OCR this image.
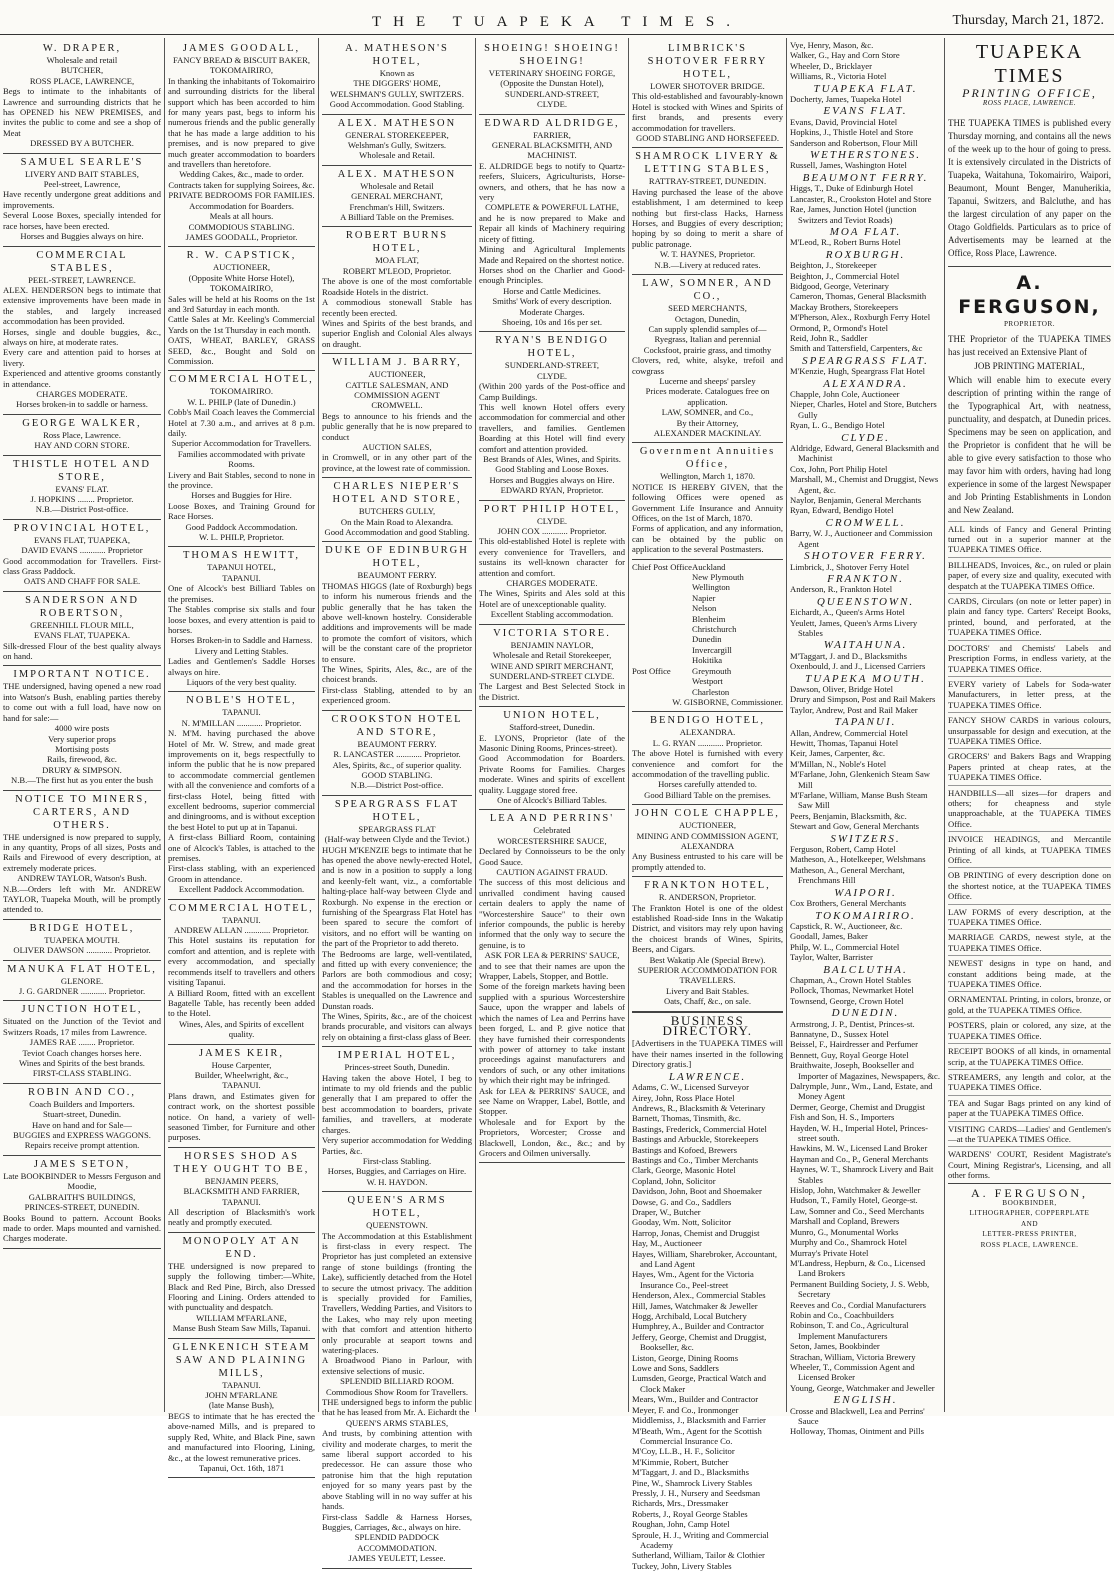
THE TUAPEKA TIMES.	Thursday, March 21, 1872.
W. DRAPER,

Wholesale and retail

BUTCHER,

ROSS PLACE, LAWRENCE,

Begs to intimate to the inhabitants of Lawrence and surrounding districts that he has OPENED his NEW PREMISES, and invites the public to come and see a shop of Meat

DRESSED BY A BUTCHER.

SAMUEL SEARLE'S

LIVERY AND BAIT STABLES,

Peel-street, Lawrence,

Have recently undergone great additions and improvements.

Several Loose Boxes, specially intended for race horses, have been erected.

Horses and Buggies always on hire.

COMMERCIAL STABLES,

PEEL-STREET, LAWRENCE.

ALEX. HENDERSON begs to intimate that extensive improvements have been made in the stables, and largely increased accommodation has been provided.

Horses, single and double buggies, &c., always on hire, at moderate rates.

Every care and attention paid to horses at livery.

Experienced and attentive grooms constantly in attendance.

CHARGES MODERATE.

Horses broken-in to saddle or harness.

GEORGE WALKER,

Ross Place, Lawrence.

HAY AND CORN STORE.

THISTLE HOTEL AND STORE,

EVANS' FLAT.

J. HOPKINS ........ Proprietor.

N.B.—District Post-office.

PROVINCIAL HOTEL,

EVANS FLAT, TUAPEKA,

DAVID EVANS ............ Proprietor

Good accommodation for Travellers. First-class Grass Paddock.

OATS AND CHAFF FOR SALE.

SANDERSON AND ROBERTSON,

GREENHILL FLOUR MILL,

EVANS FLAT, TUAPEKA.

Silk-dressed Flour of the best quality always on hand.

IMPORTANT NOTICE.

THE undersigned, having opened a new road into Watson's Bush, enabling parties thereby to come out with a full load, have now on hand for sale:—

4000 wire posts

Very superior props

Mortising posts

Rails, firewood, &c.

DRURY & SIMPSON.

N.B.—The first hut as you enter the bush

NOTICE TO MINERS, CARTERS, AND OTHERS.

THE undersigned is now prepared to supply, in any quantity, Props of all sizes, Posts and Rails and Firewood of every description, at extremely moderate prices.

ANDREW TAYLOR, Watson's Bush.

N.B.—Orders left with Mr. ANDREW TAYLOR, Tuapeka Mouth, will be promptly attended to.

BRIDGE HOTEL,

TUAPEKA MOUTH.

OLIVER DAWSON ............ Proprietor.

MANUKA FLAT HOTEL,

GLENORE.

J. G. GARDNER ............ Proprietor.

JUNCTION HOTEL,

Situated on the Junction of the Teviot and Switzers Roads, 17 miles from Lawrence.

JAMES RAE ........ Proprietor.

Teviot Coach changes horses here.

Wines and Spirits of the best brands.

FIRST-CLASS STABLING.

ROBIN AND CO.,

Coach Builders and Importers.

Stuart-street, Dunedin.

Have on hand and for Sale—

BUGGIES and EXPRESS WAGGONS.

Repairs receive prompt attention.

JAMES SETON,

Late BOOKBINDER to Messrs Ferguson and Moodie,

GALBRAITH'S BUILDINGS,

PRINCES-STREET, DUNEDIN.

Books Bound to pattern. Account Books made to order. Maps mounted and varnished. Charges moderate.

JAMES GOODALL,

FANCY BREAD & BISCUIT BAKER,

TOKOMAIRIRO,

In thanking the inhabitants of Tokomairiro and surrounding districts for the liberal support which has been accorded to him for many years past, begs to inform his numerous friends and the public generally that he has made a large addition to his premises, and is now prepared to give much greater accommodation to boarders and travellers than heretofore.

Wedding Cakes, &c., made to order.

Contracts taken for supplying Soirees, &c.

PRIVATE BEDROOMS FOR FAMILIES.

Accommodation for Boarders.

Meals at all hours.

COMMODIOUS STABLING.

JAMES GOODALL, Proprietor.

R. W. CAPSTICK,

AUCTIONEER,

(Opposite White Horse Hotel),

TOKOMAIRIRO,

Sales will be held at his Rooms on the 1st and 3rd Saturday in each month.

Cattle Sales at Mr. Keeling's Commercial Yards on the 1st Thursday in each month.

OATS, WHEAT, BARLEY, GRASS SEED, &c., Bought and Sold on Commission.

COMMERCIAL HOTEL,

TOKOMAIRIRO.

W. L. PHILP (late of Dunedin.)

Cobb's Mail Coach leaves the Commercial Hotel at 7.30 a.m., and arrives at 8 p.m. daily.

Superior Accommodation for Travellers.

Families accommodated with private Rooms.

Livery and Bait Stables, second to none in the province.

Horses and Buggies for Hire.

Loose Boxes, and Training Ground for Race Horses.

Good Paddock Accommodation.

W. L. PHILP, Proprietor.

THOMAS HEWITT,

TAPANUI HOTEL,

TAPANUI.

One of Alcock's best Billiard Tables on the premises.

The Stables comprise six stalls and four loose boxes, and every attention is paid to horses.

Horses Broken-in to Saddle and Harness.

Livery and Letting Stables.

Ladies and Gentlemen's Saddle Horses always on hire.

Liquors of the very best quality.

NOBLE'S HOTEL,

TAPANUI.

N. M'MILLAN ............ Proprietor.

N. M'M. having purchased the above Hotel of Mr. W. Strew, and made great improvements on it, begs respectfully to inform the public that he is now prepared to accommodate commercial gentlemen with all the convenience and comforts of a first-class Hotel, being fitted with excellent bedrooms, superior commercial and diningrooms, and is without exception the best Hotel to put up at in Tapanui.

A first-class Billiard Room, containing one of Alcock's Tables, is attached to the premises.

First-class stabling, with an experienced Groom in attendance.

Excellent Paddock Accommodation.

COMMERCIAL HOTEL,

TAPANUI.

ANDREW ALLAN ............ Proprietor.

This Hotel sustains its reputation for comfort and attention, and is replete with every accommodation, and specially recommends itself to travellers and others visiting Tapanui.

A Billiard Room, fitted with an excellent Bagatelle Table, has recently been added to the Hotel.

Wines, Ales, and Spirits of excellent quality.

JAMES KEIR,

House Carpenter,

Builder, Wheelwright, &c.,

TAPANUI.

Plans drawn, and Estimates given for contract work, on the shortest possible notice. On hand, a variety of well-seasoned Timber, for Furniture and other purposes.

HORSES SHOD AS THEY OUGHT TO BE,

BENJAMIN PEERS,

BLACKSMITH AND FARRIER,

TAPANUI.

All description of Blacksmith's work neatly and promptly executed.

MONOPOLY AT AN END.

THE undersigned is now prepared to supply the following timber:—White, Black and Red Pine, Birch, also Dressed Flooring and Lining. Orders attended to with punctuality and despatch.

WILLIAM M'FARLANE,

Manse Bush Steam Saw Mills, Tapanui.

GLENKENICH STEAM SAW AND PLAINING MILLS,

TAPANUI.

JOHN M'FARLANE

(late Manse Bush),

BEGS to intimate that he has erected the above-named Mills, and is prepared to supply Red, White, and Black Pine, sawn and manufactured into Flooring, Lining, &c., at the lowest remunerative prices.

Tapanui, Oct. 16th, 1871

A. MATHESON'S HOTEL,

Known as

THE DIGGERS' HOME,

WELSHMAN'S GULLY, SWITZERS.

Good Accommodation. Good Stabling.

ALEX. MATHESON

GENERAL STOREKEEPER,

Welshman's Gully, Switzers.

Wholesale and Retail.

ALEX. MATHESON

Wholesale and Retail

GENERAL MERCHANT,

Frenchman's Hill, Switzers.

A Billiard Table on the Premises.

ROBERT BURNS HOTEL,

MOA FLAT,

ROBERT M'LEOD, Proprietor.

The above is one of the most comfortable Roadside Hotels in the district.

A commodious stonewall Stable has recently been erected.

Wines and Spirits of the best brands, and superior English and Colonial Ales always on draught.

WILLIAM J. BARRY,

AUCTIONEER,

CATTLE SALESMAN, AND COMMISSION AGENT

CROMWELL.

Begs to announce to his friends and the public generally that he is now prepared to conduct

AUCTION SALES,

in Cromwell, or in any other part of the province, at the lowest rate of commission.

CHARLES NIEPER'S HOTEL AND STORE,

BUTCHERS GULLY,

On the Main Road to Alexandra.

Good Accommodation and good Stabling.

DUKE OF EDINBURGH HOTEL,

BEAUMONT FERRY.

THOMAS HIGGS (late of Roxburgh) begs to inform his numerous friends and the public generally that he has taken the above well-known hostelry. Considerable additions and improvements will be made to promote the comfort of visitors, which will be the constant care of the proprietor to ensure.

The Wines, Spirits, Ales, &c., are of the choicest brands.

First-class Stabling, attended to by an experienced groom.

CROOKSTON HOTEL AND STORE,

BEAUMONT FERRY.

R. LANCASTER ............ Proprietor.

Ales, Spirits, &c., of superior quality.

GOOD STABLING.

N.B.—District Post-office.

SPEARGRASS FLAT HOTEL,

SPEARGRASS FLAT

(Half-way between Clyde and the Teviot.)

HUGH M'KENZIE begs to intimate that he has opened the above newly-erected Hotel, and is now in a position to supply a long and keenly-felt want, viz., a comfortable halting-place half-way between Clyde and Roxburgh. No expense in the erection or furnishing of the Speargrass Flat Hotel has been spared to secure the comfort of visitors, and no effort will be wanting on the part of the Proprietor to add thereto.

The Bedrooms are large, well-ventilated, and fitted up with every convenience; the Parlors are both commodious and cosy; and the accommodation for horses in the Stables is unequalled on the Lawrence and Dunstan roads.

The Wines, Spirits, &c., are of the choicest brands procurable, and visitors can always rely on obtaining a first-class glass of Beer.

IMPERIAL HOTEL,

Princes-street South, Dunedin.

Having taken the above Hotel, I beg to intimate to my old friends and the public generally that I am prepared to offer the best accommodation to boarders, private families, and travellers, at moderate charges.

Very superior accommodation for Wedding Parties, &c.

First-class Stabling.

Horses, Buggies, and Carriages on Hire.

W. H. HAYDON.

QUEEN'S ARMS HOTEL,

QUEENSTOWN.

The Accommodation at this Establishment is first-class in every respect. The Proprietor has just completed an extensive range of stone buildings (fronting the Lake), sufficiently detached from the Hotel to secure the utmost privacy. The addition is specially provided for Families, Travellers, Wedding Parties, and Visitors to the Lakes, who may rely upon meeting with that comfort and attention hitherto only procurable at seaport towns and watering-places.

A Broadwood Piano in Parlour, with extensive selections of music.

SPLENDID BILLIARD ROOM.

Commodious Show Room for Travellers.

THE undersigned begs to inform the public that he has leased from Mr. A. Eichardt the

QUEEN'S ARMS STABLES,

And trusts, by combining attention with civility and moderate charges, to merit the same liberal support accorded to his predecessor. He can assure those who patronise him that the high reputation enjoyed for so many years past by the above Stabling will in no way suffer at his hands.

First-class Saddle & Harness Horses, Buggies, Carriages, &c., always on hire.

SPLENDID PADDOCK ACCOMMODATION.

JAMES YEULETT, Lessee.

SHOEING! SHOEING! SHOEING!

VETERINARY SHOEING FORGE,

(Opposite the Dunstan Hotel),

SUNDERLAND-STREET,

CLYDE.

EDWARD ALDRIDGE,

FARRIER,

GENERAL BLACKSMITH, AND MACHINIST.

E. ALDRIDGE begs to notify to Quartz-reefers, Sluicers, Agriculturists, Horse-owners, and others, that he has now a very

COMPLETE & POWERFUL LATHE,

and he is now prepared to Make and Repair all kinds of Machinery requiring nicety of fitting.

Mining and Agricultural Implements Made and Repaired on the shortest notice.

Horses shod on the Charlier and Good-enough Principles.

Horse and Cattle Medicines.

Smiths' Work of every description.

Moderate Charges.

Shoeing, 10s and 16s per set.

RYAN'S BENDIGO HOTEL,

SUNDERLAND-STREET,

CLYDE.

(Within 200 yards of the Post-office and Camp Buildings.

This well known Hotel offers every accommodation for commercial and other travellers, and families. Gentlemen Boarding at this Hotel will find every comfort and attention provided.

Best Brands of Ales, Wines, and Spirits.

Good Stabling and Loose Boxes.

Horses and Buggies always on Hire.

EDWARD RYAN, Proprietor.

PORT PHILIP HOTEL,

CLYDE.

JOHN COX ............ Proprietor.

This old-established Hotel is replete with every convenience for Travellers, and sustains its well-known character for attention and comfort.

CHARGES MODERATE.

The Wines, Spirits and Ales sold at this Hotel are of unexceptionable quality.

Excellent Stabling accommodation.

VICTORIA STORE.

BENJAMIN NAYLOR,

Wholesale and Retail Storekeeper,

WINE AND SPIRIT MERCHANT,

SUNDERLAND-STREET CLYDE.

The Largest and Best Selected Stock in the District.

UNION HOTEL,

Stafford-street, Dunedin.

E. LYONS, Proprietor (late of the Masonic Dining Rooms, Princes-street).

Good Accommodation for Boarders. Private Rooms for Families. Charges moderate. Wines and spirits of excellent quality. Luggage stored free.

One of Alcock's Billiard Tables.

LEA AND PERRINS'

Celebrated

WORCESTERSHIRE SAUCE,

Declared by Connoisseurs to be the only Good Sauce.

CAUTION AGAINST FRAUD.

The success of this most delicious and unrivalled condiment having caused certain dealers to apply the name of "Worcestershire Sauce" to their own inferior compounds, the public is hereby informed that the only way to secure the genuine, is to

ASK FOR LEA & PERRINS' SAUCE,

and to see that their names are upon the Wrapper, Labels, Stopper, and Bottle.

Some of the foreign markets having been supplied with a spurious Worcestershire Sauce, upon the wrapper and labels of which the names of Lea and Perrins have been forged, L. and P. give notice that they have furnished their correspondents with power of attorney to take instant proceedings against manufacturers and vendors of such, or any other imitations by which their right may be infringed.

Ask for LEA & PERRINS' SAUCE, and see Name on Wrapper, Label, Bottle, and Stopper.

Wholesale and for Export by the Proprietors, Worcester; Crosse and Blackwell, London, &c., &c.; and by Grocers and Oilmen universally.

LIMBRICK'S SHOTOVER FERRY HOTEL,

LOWER SHOTOVER BRIDGE.

This old-established and favourably-known Hotel is stocked with Wines and Spirits of first brands, and presents every accommodation for travellers.

GOOD STABLING AND HORSEFEED.

SHAMROCK LIVERY & LETTING STABLES,

RATTRAY-STREET, DUNEDIN.

Having purchased the lease of the above establishment, I am determined to keep nothing but first-class Hacks, Harness Horses, and Buggies of every description; hoping by so doing to merit a share of public patronage.

W. T. HAYNES, Proprietor.

N.B.—Livery at reduced rates.

LAW, SOMNER, AND CO.,

SEED MERCHANTS,

Octagon, Dunedin,

Can supply splendid samples of—

Ryegrass, Italian and perennial

Cocksfoot, prairie grass, and timothy

Clovers, red, white, alsyke, trefoil and cowgrass

Lucerne and sheeps' parsley

Prices moderate. Catalogues free on application.

LAW, SOMNER, and Co.,

By their Attorney,

ALEXANDER MACKINLAY.

Government Annuities Office,

Wellington, March 1, 1870.

NOTICE IS HEREBY GIVEN, that the following Offices were opened as Government Life Insurance and Annuity Offices, on the 1st of March, 1870.

Forms of application, and any information, can be obtained by the public on application to the several Postmasters.

Chief Post Office Auckland
New Plymouth
Wellington
Napier
Nelson
Blenheim
Christchurch
Dunedin
Invercargill
Hokitika
Post Office	Greymouth
Westport
Charleston

W. GISBORNE, Commissioner.

BENDIGO HOTEL,

ALEXANDRA.

L. G. RYAN ............ Proprietor.

The above Hotel is furnished with every convenience and comfort for the accommodation of the travelling public.

Horses carefully attended to.

Good Billiard Table on the premises.

JOHN COLE CHAPPLE,

AUCTIONEER,

MINING AND COMMISSION AGENT,

ALEXANDRA

Any Business entrusted to his care will be promptly attended to.

FRANKTON HOTEL,

R. ANDERSON, Proprietor.

The Frankton Hotel is one of the oldest established Road-side Inns in the Wakatip District, and visitors may rely upon having the choicest brands of Wines, Spirits, Beers, and Cigars.

Best Wakatip Ale (Special Brew).

SUPERIOR ACCOMMODATION FOR TRAVELLERS.

Livery and Bait Stables.

Oats, Chaff, &c., on sale.

BUSINESS DIRECTORY.

[Advertisers in the TUAPEKA TIMES will have their names inserted in the following Directory gratis.]

LAWRENCE.
Adams, C. W., Licensed Surveyor
Airey, John, Ross Place Hotel
Andrews, R., Blacksmith & Veterinary
Barnett, Thomas, Tinsmith, &c.
Bastings, Frederick, Commercial Hotel
Bastings and Arbuckle, Storekeepers
Bastings and Kofoed, Brewers
Bastings and Co., Timber Merchants
Clark, George, Masonic Hotel
Copland, John, Solicitor
Davidson, John, Boot and Shoemaker
Dowse, G. and Co., Saddlers
Draper, W., Butcher
Gooday, Wm. Nott, Solicitor
Harrop, Jonas, Chemist and Druggist
Hay, M., Auctioneer
Hayes, William, Sharebroker, Accountant, and Land Agent
Hayes, Wm., Agent for the Victoria Insurance Co., Peel-street
Henderson, Alex., Commercial Stables
Hill, James, Watchmaker & Jeweller
Hogg, Archibald, Local Butchery
Humphrey, A., Builder and Contractor
Jeffery, George, Chemist and Druggist, Bookseller, &c.
Liston, George, Dining Rooms
Lowe and Sons, Saddlers
Lumsden, George, Practical Watch and Clock Maker
Mears, Wm., Builder and Contractor
Meyer, F. and Co., Ironmonger
Middlemiss, J., Blacksmith and Farrier
M'Beath, Wm., Agent for the Scottish Commercial Insurance Co.
M'Coy, LL.B., H. F., Solicitor
M'Kimmie, Robert, Butcher
M'Taggart, J. and D., Blacksmiths
Pine, W., Shamrock Livery Stables
Pressly, J. H., Nursery and Seedsman
Richards, Mrs., Dressmaker
Roberts, J., Royal George Stables
Roughan, John, Camp Hotel
Sproule, H. J., Writing and Commercial Academy
Sutherland, William, Tailor & Clothier
Tuckey, John, Livery Stables
Vye, Henry, Mason, &c.
Walker, G., Hay and Corn Store
Wheeler, D., Bricklayer
Williams, R., Victoria Hotel
TUAPEKA FLAT.
Docherty, James, Tuapeka Hotel
EVANS FLAT.
Evans, David, Provincial Hotel
Hopkins, J., Thistle Hotel and Store
Sanderson and Robertson, Flour Mill
WETHERSTONES.
Russell, James, Washington Hotel
BEAUMONT FERRY.
Higgs, T., Duke of Edinburgh Hotel
Lancaster, R., Crookston Hotel and Store
Rae, James, Junction Hotel (junction Switzers and Teviot Roads)
MOA FLAT.
M'Leod, R., Robert Burns Hotel
ROXBURGH.
Beighton, J., Storekeeper
Beighton, J., Commercial Hotel
Bidgood, George, Veterinary
Cameron, Thomas, General Blacksmith
Mackay Brothers, Storekeepers
M'Pherson, Alex., Roxburgh Ferry Hotel
Ormond, P., Ormond's Hotel
Reid, John R., Saddler
Smith and Tattersfield, Carpenters, &c
SPEARGRASS FLAT.
M'Kenzie, Hugh, Speargrass Flat Hotel
ALEXANDRA.
Chapple, John Cole, Auctioneer
Nieper, Charles, Hotel and Store, Butchers Gully
Ryan, L. G., Bendigo Hotel
CLYDE.
Aldridge, Edward, General Blacksmith and Machinist
Cox, John, Port Philip Hotel
Marshall, M., Chemist and Druggist, News Agent, &c.
Naylor, Benjamin, General Merchants
Ryan, Edward, Bendigo Hotel
CROMWELL.
Barry, W. J., Auctioneer and Commission Agent
SHOTOVER FERRY.
Limbrick, J., Shotover Ferry Hotel
FRANKTON.
Anderson, R., Frankton Hotel
QUEENSTOWN.
Eichardt, A., Queen's Arms Hotel
Yeulett, James, Queen's Arms Livery Stables
WAITAHUNA.
M'Taggart, J. and D., Blacksmiths
Oxenbould, J. and J., Licensed Carriers
TUAPEKA MOUTH.
Dawson, Oliver, Bridge Hotel
Drury and Simpson, Post and Rail Makers
Taylor, Andrew, Post and Rail Maker
TAPANUI.
Allan, Andrew, Commercial Hotel
Hewitt, Thomas, Tapanui Hotel
Keir, James, Carpenter, &c.
M'Millan, N., Noble's Hotel
M'Farlane, John, Glenkenich Steam Saw Mill
M'Farlane, William, Manse Bush Steam Saw Mill
Peers, Benjamin, Blacksmith, &c.
Stewart and Gow, General Merchants
SWITZERS.
Ferguson, Robert, Camp Hotel
Matheson, A., Hotelkeeper, Welshmans
Matheson, A., General Merchant, Frenchmans Hill
WAIPORI.
Cox Brothers, General Merchants
TOKOMAIRIRO.
Capstick, R. W., Auctioneer, &c.
Goodall, James, Baker
Philp, W. L., Commercial Hotel
Taylor, Walter, Barrister
BALCLUTHA.
Chapman, A., Crown Hotel Stables
Pollock, Thomas, Newmarket Hotel
Townsend, George, Crown Hotel
DUNEDIN.
Armstrong, J. P., Dentist, Princes-st.
Bannatyne, D., Sussex Hotel
Beissel, F., Hairdresser and Perfumer
Bennett, Guy, Royal George Hotel
Braithwaite, Joseph, Bookseller and Importer of Magazines, Newspapers, &c.
Dalrymple, Junr., Wm., Land, Estate, and Money Agent
Dermer, George, Chemist and Druggist
Fish and Son, H. S., Importers
Hayden, W. H., Imperial Hotel, Princes-street south.
Hawkins, M. W., Licensed Land Broker
Hayman and Co., P., General Merchants
Haynes, W. T., Shamrock Livery and Bait Stables
Hislop, John, Watchmaker & Jeweller
Hudson, T., Family Hotel, George-st.
Law, Somner and Co., Seed Merchants
Marshall and Copland, Brewers
Munro, G., Monumental Works
Murphy and Co., Shamrock Hotel
Murray's Private Hotel
M'Landress, Hepburn, & Co., Licensed Land Brokers
Permanent Building Society, J. S. Webb, Secretary
Reeves and Co., Cordial Manufacturers
Robin and Co., Coachbuilders
Robinson, T. and Co., Agricultural Implement Manufacturers
Seton, James, Bookbinder
Strachan, William, Victoria Brewery
Wheeler, T., Commission Agent and Licensed Broker
Young, George, Watchmaker and Jeweller
ENGLISH.
Crosse and Blackwell, Lea and Perrins' Sauce
Holloway, Thomas, Ointment and Pills
TUAPEKA TIMES
PRINTING OFFICE,
ROSS PLACE, LAWRENCE.

THE TUAPEKA TIMES is published every Thursday morning, and contains all the news of the week up to the hour of going to press. It is extensively circulated in the Districts of Tuapeka, Waitahuna, Tokomairiro, Waipori, Beaumont, Mount Benger, Manuherikia, Tapanui, Switzers, and Balcluthe, and has the largest circulation of any paper on the Otago Goldfields. Particulars as to price of Advertisements may be learned at the Office, Ross Place, Lawrence.

A. FERGUSON,
PROPRIETOR.

THE Proprietor of the TUAPEKA TIMES has just received an Extensive Plant of

JOB PRINTING MATERIAL,

Which will enable him to execute every description of printing within the range of the Typographical Art, with neatness, punctuality, and despatch, at Dunedin prices. Specimens may be seen on application, and the Proprietor is confident that he will be able to give every satisfaction to those who may favor him with orders, having had long experience in some of the largest Newspaper and Job Printing Establishments in London and New Zealand.

ALL kinds of Fancy and General Printing turned out in a superior manner at the TUAPEKA TIMES Office.

BILLHEADS, Invoices, &c., on ruled or plain paper, of every size and quality, executed with despatch at the TUAPEKA TIMES Office.

CARDS, Circulars (on note or letter paper) in plain and fancy type. Carters' Receipt Books, printed, bound, and perforated, at the TUAPEKA TIMES Office.

DOCTORS' and Chemists' Labels and Prescription Forms, in endless variety, at the TUAPEKA TIMES Office.

EVERY variety of Labels for Soda-water Manufacturers, in letter press, at the TUAPEKA TIMES Office.

FANCY SHOW CARDS in various colours, unsurpassable for design and execution, at the TUAPEKA TIMES Office.

GROCERS' and Bakers Bags and Wrapping Papers printed at cheap rates, at the TUAPEKA TIMES Office.

HANDBILLS—all sizes—for drapers and others; for cheapness and style unapproachable, at the TUAPEKA TIMES Office.

INVOICE HEADINGS, and Mercantile Printing of all kinds, at TUAPEKA TIMES Office.

OB PRINTING of every description done on the shortest notice, at the TUAPEKA TIMES Office.

LAW FORMS of every description, at the TUAPEKA TIMES Office.

MARRIAGE CARDS, newest style, at the TUAPEKA TIMES Office.

NEWEST designs in type on hand, and constant additions being made, at the TUAPEKA TIMES Office.

ORNAMENTAL Printing, in colors, bronze, or gold, at the TUAPEKA TIMES Office.

POSTERS, plain or colored, any size, at the TUAPEKA TIMES Office.

RECEIPT BOOKS of all kinds, in ornamental scrip, at the TUAPEKA TIMES Office.

STREAMERS, any length and color, at the TUAPEKA TIMES Office.

TEA and Sugar Bags printed on any kind of paper at the TUAPEKA TIMES Office.

VISITING CARDS—Ladies' and Gentlemen's—at the TUAPEKA TIMES Office.

WARDENS' COURT, Resident Magistrate's Court, Mining Registrar's, Licensing, and all other forms.

A. FERGUSON,
BOOKBINDER,
LITHOGRAPHER, COPPERPLATE
AND
LETTER-PRESS PRINTER,
ROSS PLACE, LAWRENCE.
